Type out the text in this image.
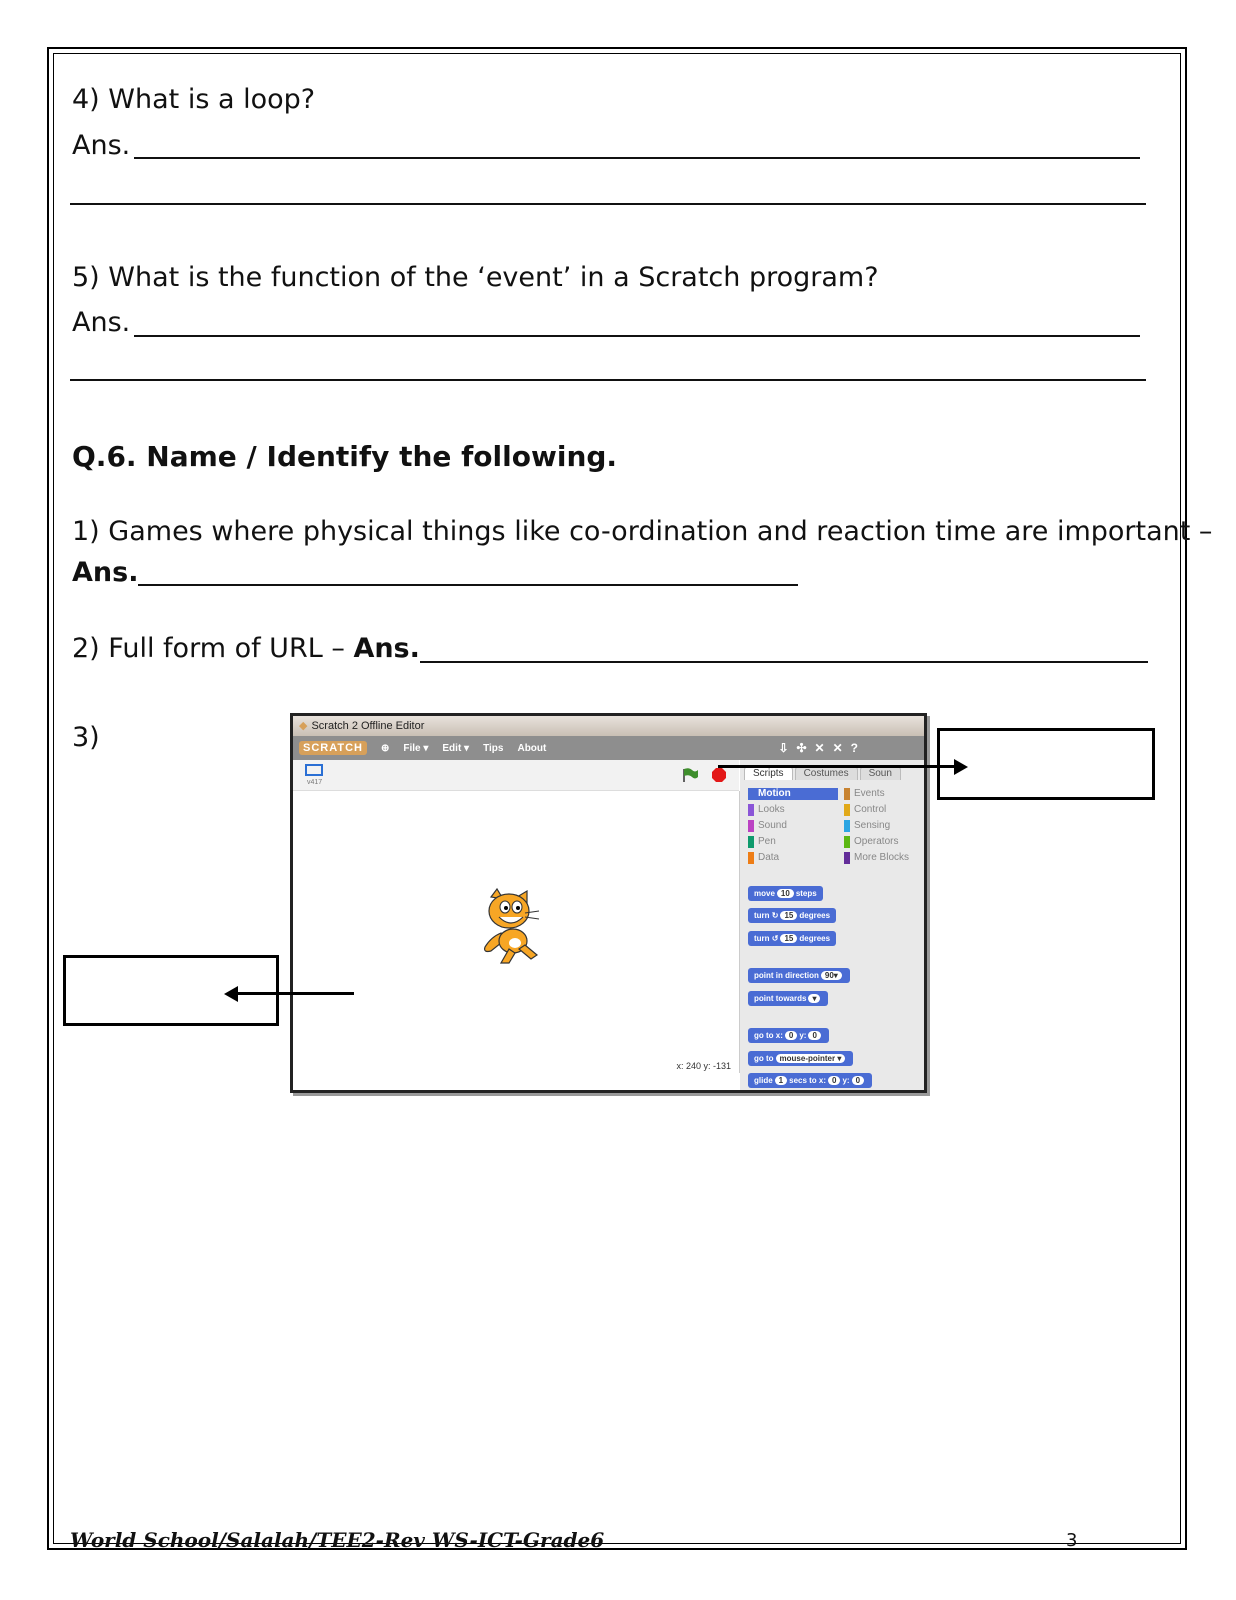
4) What is a loop?
Ans.
5) What is the function of the ‘event’ in a Scratch program?
Ans.
Q.6. Name / Identify the following.
1) Games where physical things like co-ordination and reaction time are important –
Ans.
2) Full form of URL – Ans.
3)	◆ Scratch 2 Offline Editor
SCRATCH	⊕ File ▾ Edit ▾ Tips About	⇩✣✕✕?
v417
x: 240 y: -131
Scripts	Costumes	Soun
Motion	Events
Looks	Control
Sound	Sensing
Pen	Operators
Data	More Blocks
move 10 steps
turn ↻ 15 degrees
turn ↺ 15 degrees
point in direction 90▾
point towards ▾
go to x: 0 y: 0
go to mouse-pointer ▾
glide 1 secs to x: 0 y: 0
World School/Salalah/TEE2-Rev WS-ICT-Grade6	3
